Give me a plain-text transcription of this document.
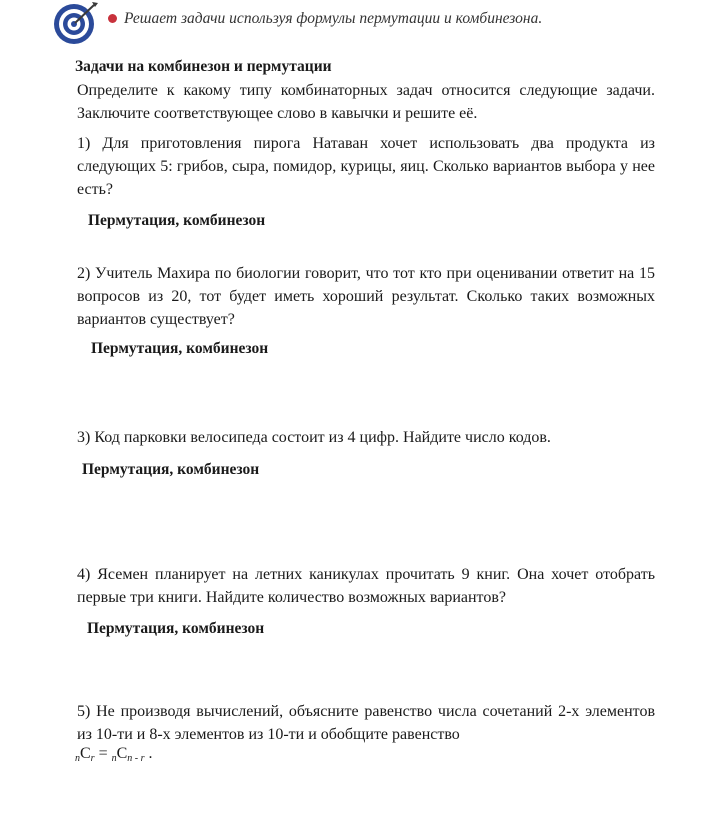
Решает задачи используя формулы пермутации и комбинезона.
Задачи на комбинезон и пермутации
Определите к какому типу комбинаторных задач относится следующие задачи. Заключите соответствующее слово в кавычки и решите её.
1) Для приготовления пирога Натаван хочет использовать два продукта из следующих 5: грибов, сыра, помидор, курицы, яиц. Сколько вариантов выбора у нее есть?
Пермутация, комбинезон
2) Учитель Махира по биологии говорит, что тот кто при оценивании ответит на 15 вопросов из 20, тот будет иметь хороший результат. Сколько таких возможных вариантов существует?
Пермутация, комбинезон
3) Код парковки велосипеда состоит из 4 цифр. Найдите число кодов.
Пермутация, комбинезон
4) Ясемен планирует на летних каникулах прочитать 9 книг. Она хочет отобрать первые три книги. Найдите количество возможных вариантов?
Пермутация, комбинезон
5) Не производя вычислений, объясните равенство числа сочетаний 2-х элементов из 10-ти и 8-х элементов из 10-ти и обобщите равенство
$_nC_r = _nC_{n - r}$ .
